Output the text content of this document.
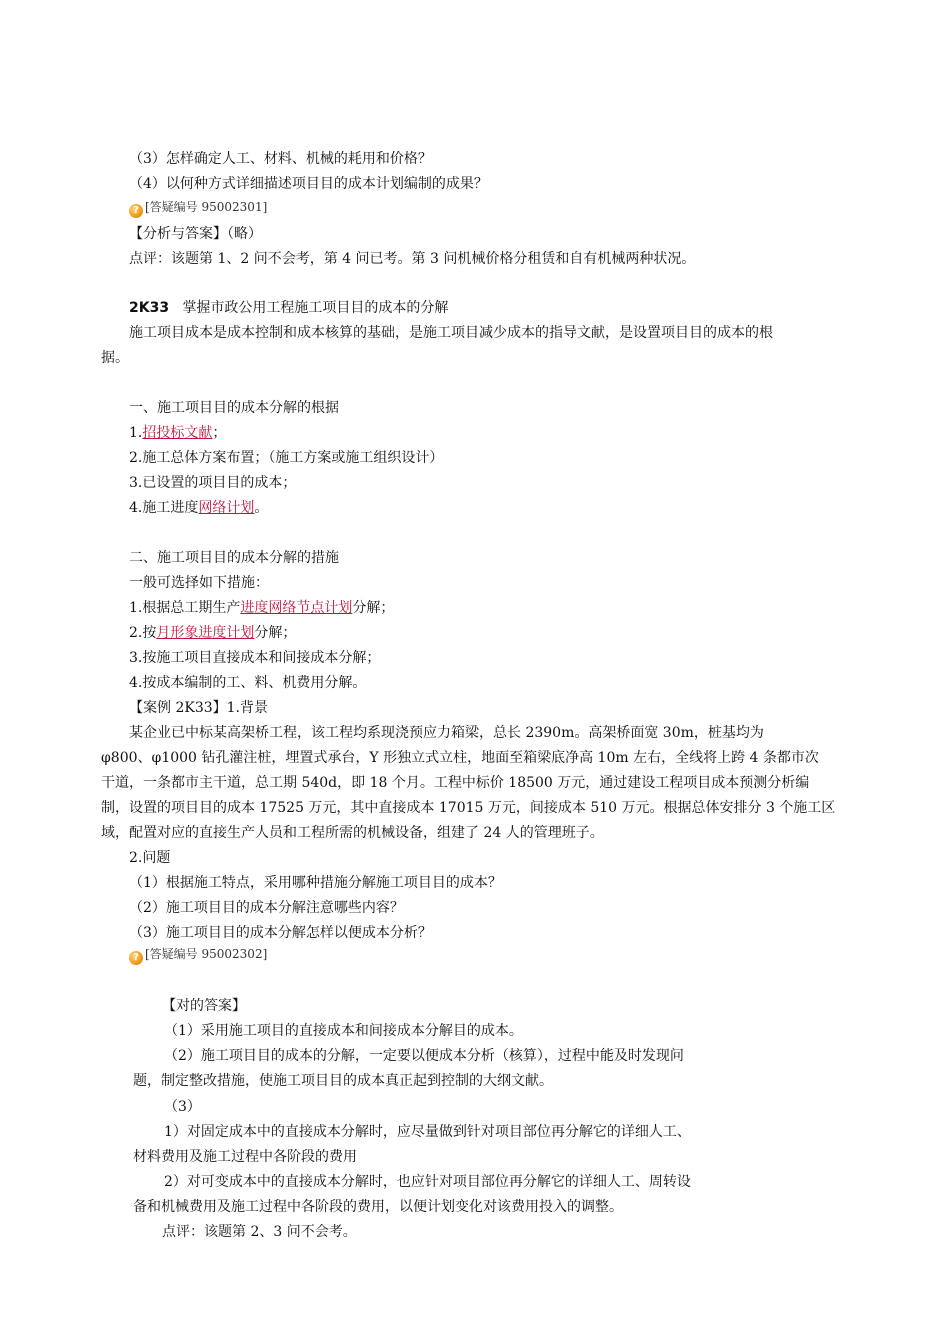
（3）怎样确定人工、材料、机械的耗用和价格？
（4）以何种方式详细描述项目目的成本计划编制的成果？
? [答疑编号 95002301]
【分析与答案】（略）
点评：该题第 1、2 问不会考，第 4 问已考。第 3 问机械价格分租赁和自有机械两种状况。
2K33 掌握市政公用工程施工项目目的成本的分解
施工项目成本是成本控制和成本核算的基础，是施工项目减少成本的指导文献，是设置项目目的成本的根
据。
一、施工项目目的成本分解的根据
1.招投标文献；
2.施工总体方案布置；（施工方案或施工组织设计）
3.已设置的项目目的成本；
4.施工进度网络计划。
二、施工项目目的成本分解的措施
一般可选择如下措施：
1.根据总工期生产进度网络节点计划分解；
2.按月形象进度计划分解；
3.按施工项目直接成本和间接成本分解；
4.按成本编制的工、料、机费用分解。
【案例 2K33】1.背景
某企业已中标某高架桥工程，该工程均系现浇预应力箱梁，总长 2390m。高架桥面宽 30m，桩基均为
φ800、φ1000 钻孔灌注桩，埋置式承台，Y 形独立式立柱，地面至箱梁底净高 10m 左右，全线将上跨 4 条都市次
干道，一条都市主干道，总工期 540d，即 18 个月。工程中标价 18500 万元，通过建设工程项目成本预测分析编
制，设置的项目目的成本 17525 万元，其中直接成本 17015 万元，间接成本 510 万元。根据总体安排分 3 个施工区
域，配置对应的直接生产人员和工程所需的机械设备，组建了 24 人的管理班子。
2.问题
（1）根据施工特点，采用哪种措施分解施工项目目的成本？
（2）施工项目目的成本分解注意哪些内容？
（3）施工项目目的成本分解怎样以便成本分析？
? [答疑编号 95002302]
【对的答案】
（1）采用施工项目的直接成本和间接成本分解目的成本。
（2）施工项目目的成本的分解，一定要以便成本分析（核算），过程中能及时发现问
题，制定整改措施，使施工项目目的成本真正起到控制的大纲文献。
（3）
1）对固定成本中的直接成本分解时，应尽量做到针对项目部位再分解它的详细人工、
材料费用及施工过程中各阶段的费用
2）对可变成本中的直接成本分解时，也应针对项目部位再分解它的详细人工、周转设
备和机械费用及施工过程中各阶段的费用，以便计划变化对该费用投入的调整。
点评：该题第 2、3 问不会考。
